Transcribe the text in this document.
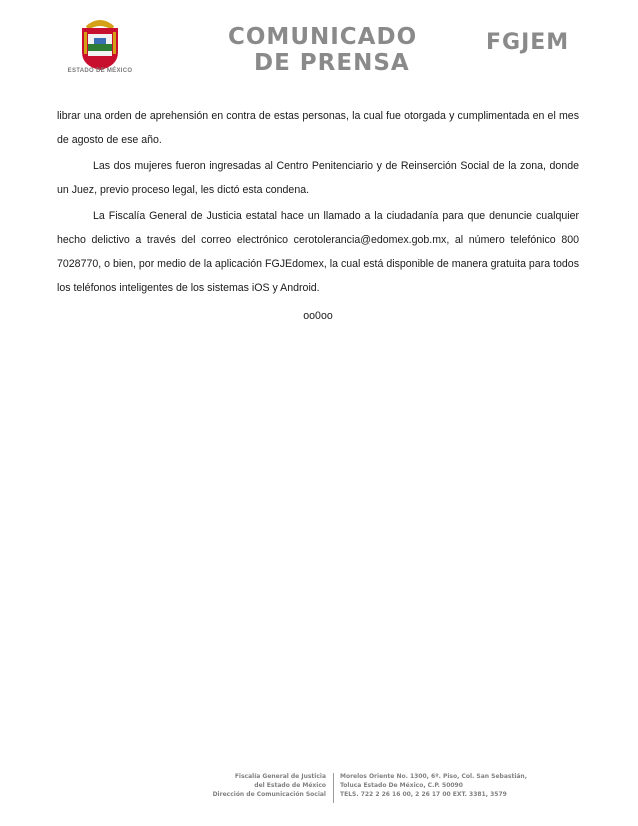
ESTADO DE MÉXICO
COMUNICADO
DE PRENSA
FGJEM

librar una orden de aprehensión en contra de estas personas, la cual fue otorgada y cumplimentada en el mes de agosto de ese año.

Las dos mujeres fueron ingresadas al Centro Penitenciario y de Reinserción Social de la zona, donde un Juez, previo proceso legal, les dictó esta condena.

La Fiscalía General de Justicia estatal hace un llamado a la ciudadanía para que denuncie cualquier hecho delictivo a través del correo electrónico cerotolerancia@edomex.gob.mx, al número telefónico 800 7028770, o bien, por medio de la aplicación FGJEdomex, la cual está disponible de manera gratuita para todos los teléfonos inteligentes de los sistemas iOS y Android.

oo0oo

Fiscalía General de Justicia
del Estado de México
Dirección de Comunicación Social
Morelos Oriente No. 1300, 6º. Piso, Col. San Sebastián,
Toluca Estado De México, C.P. 50090
TELS. 722 2 26 16 00, 2 26 17 00 EXT. 3381, 3579
